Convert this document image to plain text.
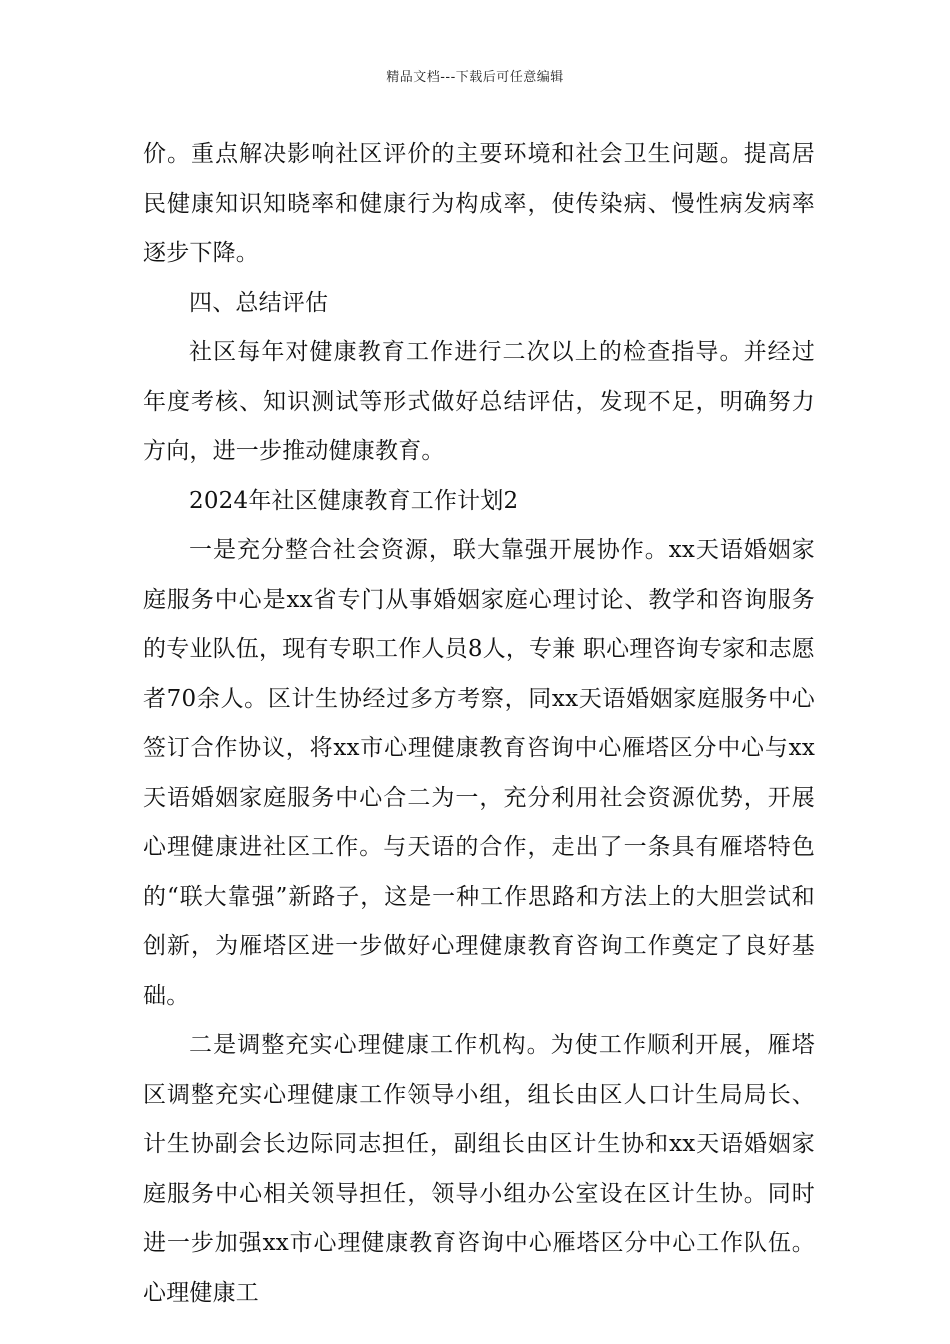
精品文档---下载后可任意编辑

价。重点解决影响社区评价的主要环境和社会卫生问题。提高居民健康知识知晓率和健康行为构成率，使传染病、慢性病发病率逐步下降。

四、总结评估

社区每年对健康教育工作进行二次以上的检查指导。并经过年度考核、知识测试等形式做好总结评估，发现不足，明确努力方向，进一步推动健康教育。

2024年社区健康教育工作计划2

一是充分整合社会资源，联大靠强开展协作。xx天语婚姻家庭服务中心是xx省专门从事婚姻家庭心理讨论、教学和咨询服务的专业队伍，现有专职工作人员8人，专兼 职心理咨询专家和志愿者70余人。区计生协经过多方考察，同xx天语婚姻家庭服务中心签订合作协议，将xx市心理健康教育咨询中心雁塔区分中心与xx天语婚姻家庭服务中心合二为一，充分利用社会资源优势，开展心理健康进社区工作。与天语的合作，走出了一条具有雁塔特色的“联大靠强”新路子，这是一种工作思路和方法上的大胆尝试和创新，为雁塔区进一步做好心理健康教育咨询工作奠定了良好基础。

二是调整充实心理健康工作机构。为使工作顺利开展，雁塔区调整充实心理健康工作领导小组，组长由区人口计生局局长、计生协副会长边际同志担任，副组长由区计生协和xx天语婚姻家庭服务中心相关领导担任，领导小组办公室设在区计生协。同时进一步加强xx市心理健康教育咨询中心雁塔区分中心工作队伍。心理健康工
